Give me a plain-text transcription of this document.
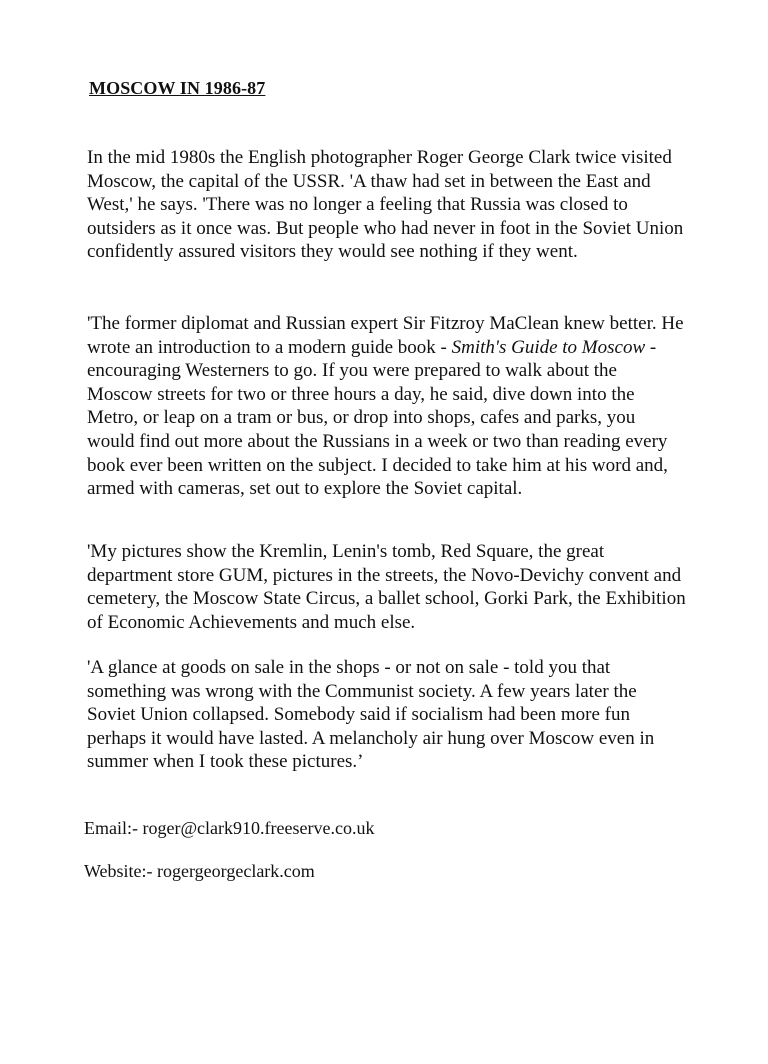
MOSCOW IN 1986-87

In the mid 1980s the English photographer Roger George Clark twice visited Moscow, the capital of the USSR. 'A thaw had set in between the East and West,' he says. 'There was no longer a feeling that Russia was closed to outsiders as it once was. But people who had never in foot in the Soviet Union confidently assured visitors they would see nothing if they went.

'The former diplomat and Russian expert Sir Fitzroy MaClean knew better. He wrote an introduction to a modern guide book - Smith's Guide to Moscow - encouraging Westerners to go. If you were prepared to walk about the Moscow streets for two or three hours a day, he said, dive down into the Metro, or leap on a tram or bus, or drop into shops, cafes and parks, you would find out more about the Russians in a week or two than reading every book ever been written on the subject. I decided to take him at his word and, armed with cameras, set out to explore the Soviet capital.

'My pictures show the Kremlin, Lenin's tomb, Red Square, the great department store GUM, pictures in the streets, the Novo-Devichy convent and cemetery, the Moscow State Circus, a ballet school, Gorki Park, the Exhibition of Economic Achievements and much else.

'A glance at goods on sale in the shops - or not on sale - told you that something was wrong with the Communist society. A few years later the Soviet Union collapsed. Somebody said if socialism had been more fun perhaps it would have lasted. A melancholy air hung over Moscow even in summer when I took these pictures.’

Email:- roger@clark910.freeserve.co.uk

Website:- rogergeorgeclark.com
